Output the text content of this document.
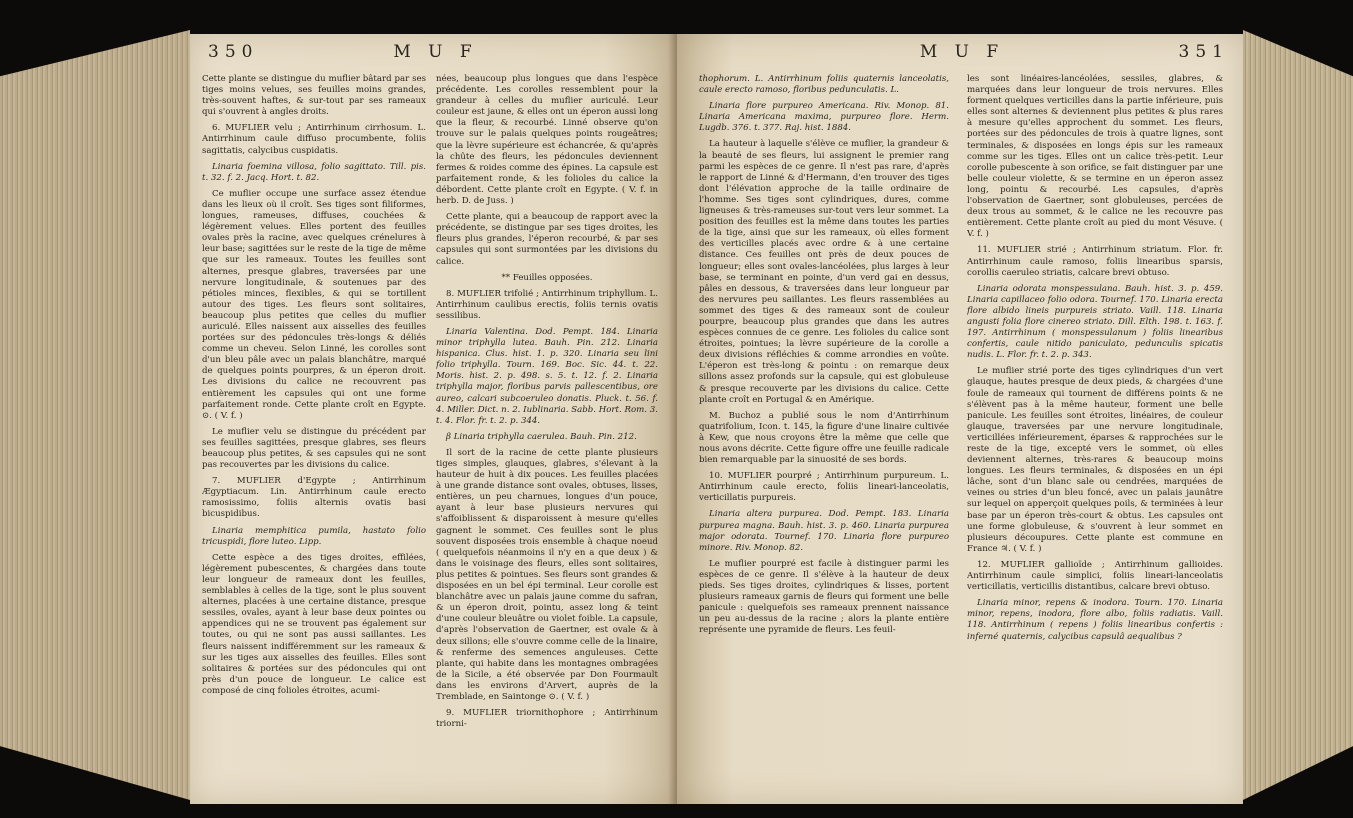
350	M U F

Cette plante se distingue du muflier bâtard par ses tiges moins velues, ses feuilles moins grandes, très-souvent haftes, & sur-tout par ses rameaux qui s'ouvrent à angles droits.

6. MUFLIER velu ; Antirrhinum cirrhosum. L. Antirrhinum caule diffuso procumbente, foliis sagittatis, calycibus cuspidatis.

Linaria foemina villosa, folio sagittato. Till. pis. t. 32. f. 2. Jacq. Hort. t. 82.

Ce muflier occupe une surface assez étendue dans les lieux où il croît. Ses tiges sont filiformes, longues, rameuses, diffuses, couchées & légèrement velues. Elles portent des feuilles ovales près la racine, avec quelques crénelures à leur base; sagittées sur le reste de la tige de même que sur les rameaux. Toutes les feuilles sont alternes, presque glabres, traversées par une nervure longitudinale, & soutenues par des pétioles minces, flexibles, & qui se tortillent autour des tiges. Les fleurs sont solitaires, beaucoup plus petites que celles du muflier auriculé. Elles naissent aux aisselles des feuilles portées sur des pédoncules très-longs & déliés comme un cheveu. Selon Linné, les corolles sont d'un bleu pâle avec un palais blanchâtre, marqué de quelques points pourpres, & un éperon droit. Les divisions du calice ne recouvrent pas entièrement les capsules qui ont une forme parfaitement ronde. Cette plante croît en Egypte. ⊙. ( V. f. )

Le muflier velu se distingue du précédent par ses feuilles sagittées, presque glabres, ses fleurs beaucoup plus petites, & ses capsules qui ne sont pas recouvertes par les divisions du calice.

7. MUFLIER d'Egypte ; Antirrhinum Ægyptiacum. Lin. Antirrhinum caule erecto ramosissimo, foliis alternis ovatis basi bicuspidibus.

Linaria memphitica pumila, hastato folio tricuspidi, flore luteo. Lipp.

Cette espèce a des tiges droites, effilées, légèrement pubescentes, & chargées dans toute leur longueur de rameaux dont les feuilles, semblables à celles de la tige, sont le plus souvent alternes, placées à une certaine distance, presque sessiles, ovales, ayant à leur base deux pointes ou appendices qui ne se trouvent pas également sur toutes, ou qui ne sont pas aussi saillantes. Les fleurs naissent indifféremment sur les rameaux & sur les tiges aux aisselles des feuilles. Elles sont solitaires & portées sur des pédoncules qui ont près d'un pouce de longueur. Le calice est composé de cinq folioles étroites, acumi-

nées, beaucoup plus longues que dans l'espèce précédente. Les corolles ressemblent pour la grandeur à celles du muflier auriculé. Leur couleur est jaune, & elles ont un éperon aussi long que la fleur, & recourbé. Linné observe qu'on trouve sur le palais quelques points rougeâtres; que la lèvre supérieure est échancrée, & qu'après la chûte des fleurs, les pédoncules deviennent fermes & roides comme des épines. La capsule est parfaitement ronde, & les folioles du calice la débordent. Cette plante croît en Egypte. ( V. f. in herb. D. de Juss. )

Cette plante, qui a beaucoup de rapport avec la précédente, se distingue par ses tiges droites, les fleurs plus grandes, l'éperon recourbé, & par ses capsules qui sont surmontées par les divisions du calice.

** Feuilles opposées.

8. MUFLIER trifolié ; Antirrhinum triphyllum. L. Antirrhinum caulibus erectis, foliis ternis ovatis sessilibus.

Linaria Valentina. Dod. Pempt. 184. Linaria minor triphylla lutea. Bauh. Pin. 212. Linaria hispanica. Clus. hist. 1. p. 320. Linaria seu lini folio triphylla. Tourn. 169. Boc. Sic. 44. t. 22. Moris. hist. 2. p. 498. s. 5. t. 12. f. 2. Linaria triphylla major, floribus parvis pallescentibus, ore aureo, calcari subcoeruleo donatis. Pluck. t. 56. f. 4. Miller. Dict. n. 2. Iublinaria. Sabb. Hort. Rom. 3. t. 4. Flor. fr. t. 2. p. 344.

β Linaria triphylla caerulea. Bauh. Pin. 212.

Il sort de la racine de cette plante plusieurs tiges simples, glauques, glabres, s'élevant à la hauteur de huit à dix pouces. Les feuilles placées à une grande distance sont ovales, obtuses, lisses, entières, un peu charnues, longues d'un pouce, ayant à leur base plusieurs nervures qui s'affoiblissent & disparoissent à mesure qu'elles gagnent le sommet. Ces feuilles sont le plus souvent disposées trois ensemble à chaque noeud ( quelquefois néanmoins il n'y en a que deux ) & dans le voisinage des fleurs, elles sont solitaires, plus petites & pointues. Ses fleurs sont grandes & disposées en un bel épi terminal. Leur corolle est blanchâtre avec un palais jaune comme du safran, & un éperon droit, pointu, assez long & teint d'une couleur bleuâtre ou violet foible. La capsule, d'après l'observation de Gaertner, est ovale & à deux sillons; elle s'ouvre comme celle de la linaire, & renferme des semences anguleuses. Cette plante, qui habite dans les montagnes ombragées de la Sicile, a été observée par Don Fourmault dans les environs d'Arvert, auprès de la Tremblade, en Saintonge ⊙. ( V. f. )

9. MUFLIER triornithophore ; Antirrhinum triorni-

M U F	351

thophorum. L. Antirrhinum foliis quaternis lanceolatis, caule erecto ramoso, floribus pedunculatis. L.

Linaria flore purpureo Americana. Riv. Monop. 81. Linaria Americana maxima, purpureo flore. Herm. Lugdb. 376. t. 377. Raj. hist. 1884.

La hauteur à laquelle s'élève ce muflier, la grandeur & la beauté de ses fleurs, lui assignent le premier rang parmi les espèces de ce genre. Il n'est pas rare, d'après le rapport de Linné & d'Hermann, d'en trouver des tiges dont l'élévation approche de la taille ordinaire de l'homme. Ses tiges sont cylindriques, dures, comme ligneuses & très-rameuses sur-tout vers leur sommet. La position des feuilles est la même dans toutes les parties de la tige, ainsi que sur les rameaux, où elles forment des verticilles placés avec ordre & à une certaine distance. Ces feuilles ont près de deux pouces de longueur; elles sont ovales-lancéolées, plus larges à leur base, se terminant en pointe, d'un verd gai en dessus, pâles en dessous, & traversées dans leur longueur par des nervures peu saillantes. Les fleurs rassemblées au sommet des tiges & des rameaux sont de couleur pourpre, beaucoup plus grandes que dans les autres espèces connues de ce genre. Les folioles du calice sont étroites, pointues; la lèvre supérieure de la corolle a deux divisions réfléchies & comme arrondies en voûte. L'éperon est très-long & pointu : on remarque deux sillons assez profonds sur la capsule, qui est globuleuse & presque recouverte par les divisions du calice. Cette plante croît en Portugal & en Amérique.

M. Buchoz a publié sous le nom d'Antirrhinum quatrifolium, Icon. t. 145, la figure d'une linaire cultivée à Kew, que nous croyons être la même que celle que nous avons décrite. Cette figure offre une feuille radicale bien remarquable par la sinuosité de ses bords.

10. MUFLIER pourpré ; Antirrhinum purpureum. L. Antirrhinum caule erecto, foliis lineari-lanceolatis, verticillatis purpureis.

Linaria altera purpurea. Dod. Pempt. 183. Linaria purpurea magna. Bauh. hist. 3. p. 460. Linaria purpurea major odorata. Tournef. 170. Linaria flore purpureo minore. Riv. Monop. 82.

Le muflier pourpré est facile à distinguer parmi les espèces de ce genre. Il s'élève à la hauteur de deux pieds. Ses tiges droites, cylindriques & lisses, portent plusieurs rameaux garnis de fleurs qui forment une belle panicule : quelquefois ses rameaux prennent naissance un peu au-dessus de la racine ; alors la plante entière représente une pyramide de fleurs. Les feuil-

les sont linéaires-lancéolées, sessiles, glabres, & marquées dans leur longueur de trois nervures. Elles forment quelques verticilles dans la partie inférieure, puis elles sont alternes & deviennent plus petites & plus rares à mesure qu'elles approchent du sommet. Les fleurs, portées sur des pédoncules de trois à quatre lignes, sont terminales, & disposées en longs épis sur les rameaux comme sur les tiges. Elles ont un calice très-petit. Leur corolle pubescente à son orifice, se fait distinguer par une belle couleur violette, & se termine en un éperon assez long, pointu & recourbé. Les capsules, d'après l'observation de Gaertner, sont globuleuses, percées de deux trous au sommet, & le calice ne les recouvre pas entièrement. Cette plante croît au pied du mont Vésuve. ( V. f. )

11. MUFLIER strié ; Antirrhinum striatum. Flor. fr. Antirrhinum caule ramoso, foliis linearibus sparsis, corollis caeruleo striatis, calcare brevi obtuso.

Linaria odorata monspessulana. Bauh. hist. 3. p. 459. Linaria capillaceo folio odora. Tournef. 170. Linaria erecta flore albido lineis purpureis striato. Vaill. 118. Linaria angusti folia flore cinereo striato. Dill. Elth. 198. t. 163. f. 197. Antirrhinum ( monspessulanum ) foliis linearibus confertis, caule nitido paniculato, pedunculis spicatis nudis. L. Flor. fr. t. 2. p. 343.

Le muflier strié porte des tiges cylindriques d'un vert glauque, hautes presque de deux pieds, & chargées d'une foule de rameaux qui tournent de différens points & ne s'élèvent pas à la même hauteur, forment une belle panicule. Les feuilles sont étroites, linéaires, de couleur glauque, traversées par une nervure longitudinale, verticillées inférieurement, éparses & rapprochées sur le reste de la tige, excepté vers le sommet, où elles deviennent alternes, très-rares & beaucoup moins longues. Les fleurs terminales, & disposées en un épi lâche, sont d'un blanc sale ou cendrées, marquées de veines ou stries d'un bleu foncé, avec un palais jaunâtre sur lequel on apperçoit quelques poils, & terminées à leur base par un éperon très-court & obtus. Les capsules ont une forme globuleuse, & s'ouvrent à leur sommet en plusieurs découpures. Cette plante est commune en France ♃. ( V. f. )

12. MUFLIER gallioïde ; Antirrhinum gallioides. Antirrhinum caule simplici, foliis lineari-lanceolatis verticillatis, verticillis distantibus, calcare brevi obtuso.

Linaria minor, repens & inodora. Tourn. 170. Linaria minor, repens, inodora, flore albo, foliis radiatis. Vaill. 118. Antirrhinum ( repens ) foliis linearibus confertis : inferné quaternis, calycibus capsulâ aequalibus ?
